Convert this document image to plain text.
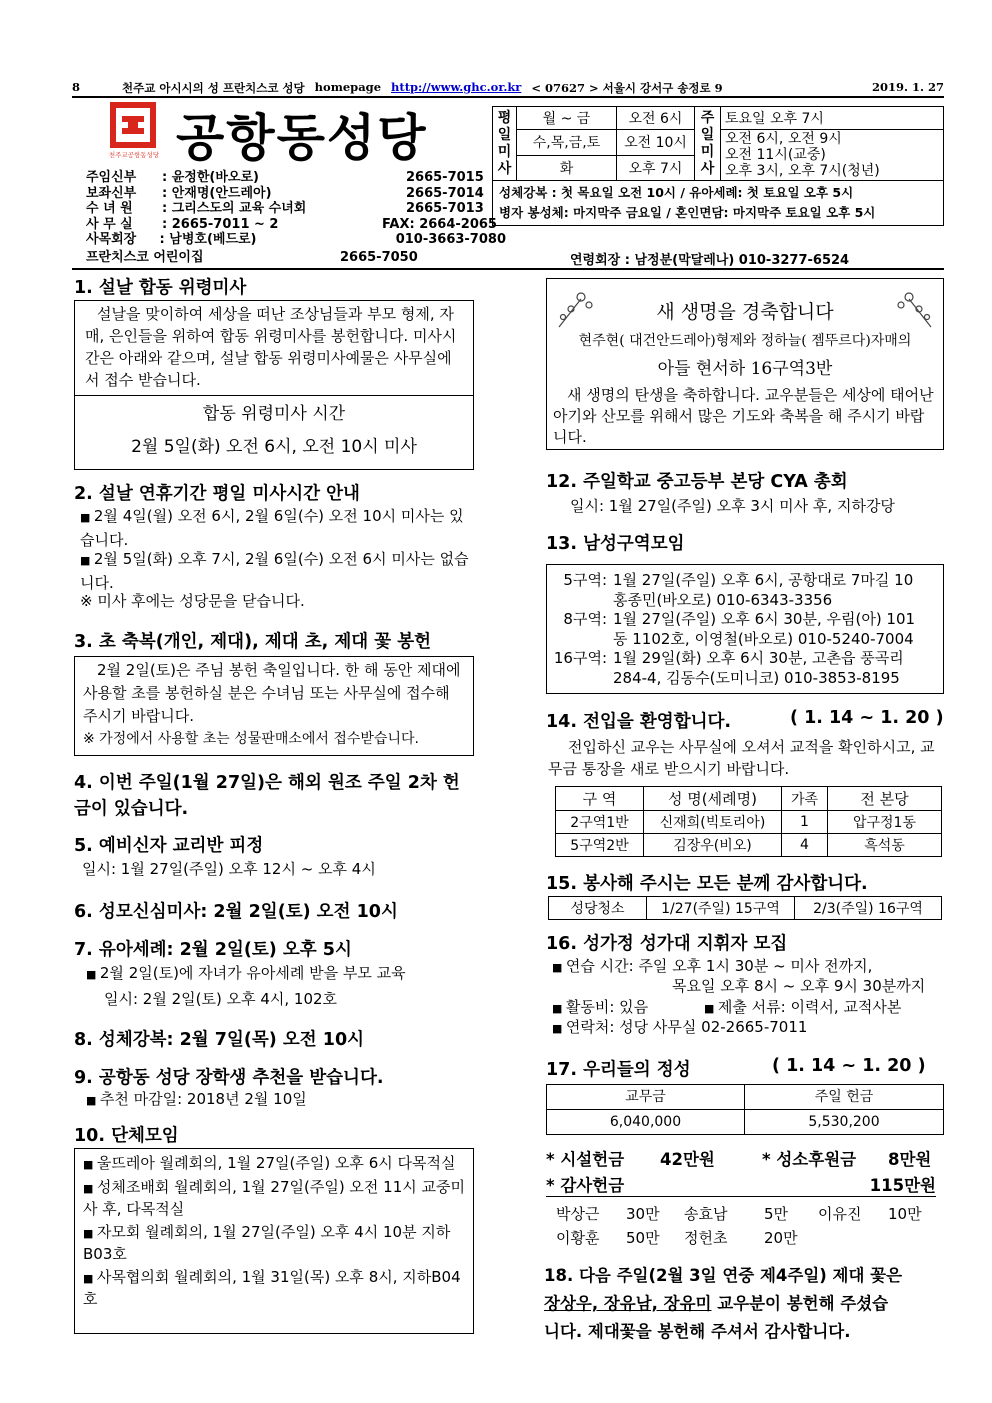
8	천주교 아시시의 성 프란치스코 성당 homepage http://www.ghc.or.kr < 07627 > 서울시 강서구 송정로 9	2019. 1. 27
천주교공항동성당 공항동성당
주임신부	: 윤정한(바오로)	2665-7015
보좌신부	: 안재명(안드레아)	2665-7014
수 녀 원	: 그리스도의 교육 수녀회	2665-7013
사 무 실	: 2665-7011 ~ 2	FAX: 2664-2065
사목회장	: 남병호(베드로)	010-3663-7080
프란치스코 어린이집	2665-7050
평일미사	월 ~ 금	오전 6시	주일미사	토요일 오후 7시
	수,목,금,토	오전 10시		오전 6시, 오전 9시
오전 11시(교중)
오후 3시, 오후 7시(청년)

	화	오후 7시		

성체강복 : 첫 목요일 오전 10시 / 유아세례: 첫 토요일 오후 5시
병자 봉성체: 마지막주 금요일 / 혼인면담: 마지막주 토요일 오후 5시				
연령회장 : 남정분(막달레나) 010-3277-6524
1. 설날 합동 위령미사
설날을 맞이하여 세상을 떠난 조상님들과 부모 형제, 자매, 은인들을 위하여 합동 위령미사를 봉헌합니다. 미사시간은 아래와 같으며, 설날 합동 위령미사예물은 사무실에서 접수 받습니다.
합동 위령미사 시간
2월 5일(화) 오전 6시, 오전 10시 미사
2. 설날 연휴기간 평일 미사시간 안내
■ 2월 4일(월) 오전 6시, 2월 6일(수) 오전 10시 미사는 있습니다.
■ 2월 5일(화) 오후 7시, 2월 6일(수) 오전 6시 미사는 없습니다.
※ 미사 후에는 성당문을 닫습니다.
3. 초 축복(개인, 제대), 제대 초, 제대 꽃 봉헌
2월 2일(토)은 주님 봉헌 축일입니다. 한 해 동안 제대에 사용할 초를 봉헌하실 분은 수녀님 또는 사무실에 접수해 주시기 바랍니다.
※ 가정에서 사용할 초는 성물판매소에서 접수받습니다.
4. 이번 주일(1월 27일)은 해외 원조 주일 2차 헌금이 있습니다.
5. 예비신자 교리반 피정
일시: 1월 27일(주일) 오후 12시 ~ 오후 4시
6. 성모신심미사: 2월 2일(토) 오전 10시
7. 유아세례: 2월 2일(토) 오후 5시
■ 2월 2일(토)에 자녀가 유아세례 받을 부모 교육
일시: 2월 2일(토) 오후 4시, 102호
8. 성체강복: 2월 7일(목) 오전 10시
9. 공항동 성당 장학생 추천을 받습니다.
■ 추천 마감일: 2018년 2월 10일
10. 단체모임
■ 울뜨레아 월례회의, 1월 27일(주일) 오후 6시 다목적실
■ 성체조배회 월례회의, 1월 27일(주일) 오전 11시 교중미사 후, 다목적실
■ 자모회 월례회의, 1월 27일(주일) 오후 4시 10분 지하B03호
■ 사목협의회 월례회의, 1월 31일(목) 오후 8시, 지하B04호
새 생명을 경축합니다
현주현( 대건안드레아)형제와 정하늘( 젬뚜르다)자매의
아들 현서하 16구역3반
새 생명의 탄생을 축하합니다. 교우분들은 세상에 태어난 아기와 산모를 위해서 많은 기도와 축복을 해 주시기 바랍니다.
12. 주일학교 중고등부 본당 CYA 총회
일시: 1월 27일(주일) 오후 3시 미사 후, 지하강당
13. 남성구역모임
5구역: 1월 27일(주일) 오후 6시, 공항대로 7마길 10
홍종민(바오로) 010-6343-3356
8구역: 1월 27일(주일) 오후 6시 30분, 우림(아) 101
동 1102호, 이영철(바오로) 010-5240-7004
16구역: 1월 29일(화) 오후 6시 30분, 고촌읍 풍곡리
284-4, 김동수(도미니코) 010-3853-8195
14. 전입을 환영합니다.	( 1. 14 ~ 1. 20 )
전입하신 교우는 사무실에 오셔서 교적을 확인하시고, 교무금 통장을 새로 받으시기 바랍니다.
구 역	성 명(세례명)	가족	전 본당
2구역1반	신재희(빅토리아)	1	압구정1동
5구역2반	김장우(비오)	4	흑석동
15. 봉사해 주시는 모든 분께 감사합니다.
성당청소	1/27(주일) 15구역	2/3(주일) 16구역
16. 성가정 성가대 지휘자 모집
■ 연습 시간: 주일 오후 1시 30분 ~ 미사 전까지,
목요일 오후 8시 ~ 오후 9시 30분까지
■ 활동비: 있음	■ 제출 서류: 이력서, 교적사본
■ 연락처: 성당 사무실 02-2665-7011
17. 우리들의 정성	( 1. 14 ~ 1. 20 )
교무금	주일 헌금
6,040,000	5,530,200
* 시설헌금 42만원	* 성소후원금 8만원
* 감사헌금	115만원
박상근	30만	송효남	5만	이유진	10만
이황훈	50만	정헌초	20만
18. 다음 주일(2월 3일 연중 제4주일) 제대 꽃은
장상우, 장유남, 장유미 교우분이 봉헌해 주셨습
니다. 제대꽃을 봉헌해 주셔서 감사합니다.
